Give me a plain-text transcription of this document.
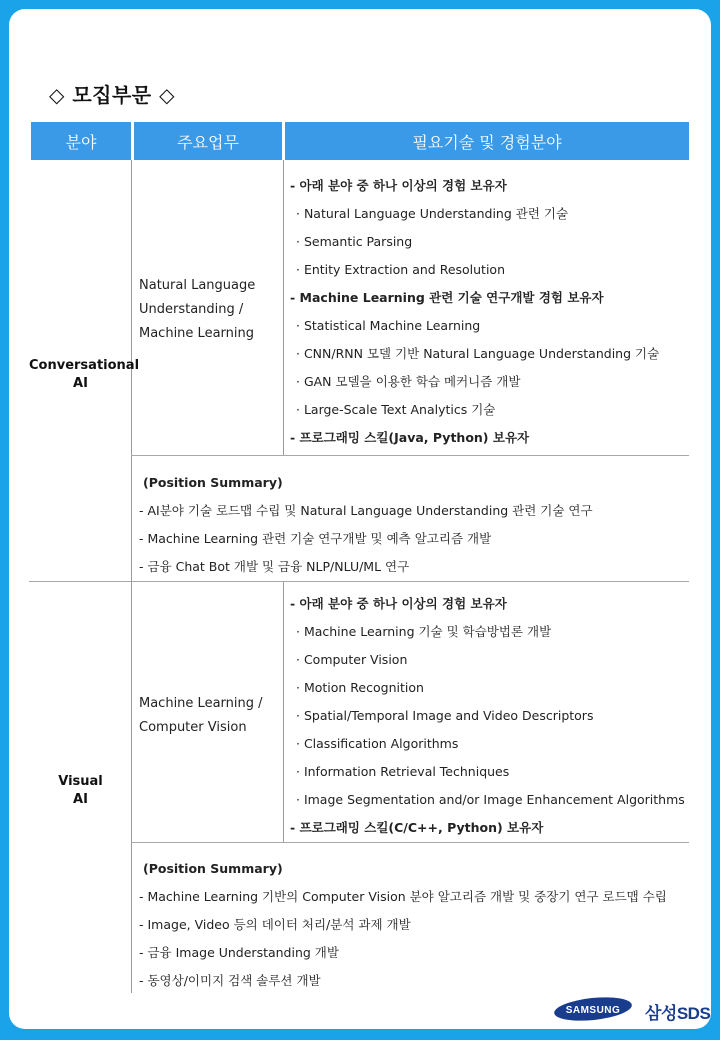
◇ 모집부문 ◇
분야	주요업무	필요기술 및 경험분야
Conversational
AI
Natural Language
Understanding /
Machine Learning
- 아래 분야 중 하나 이상의 경험 보유자
· Natural Language Understanding 관련 기술
· Semantic Parsing
· Entity Extraction and Resolution
- Machine Learning 관련 기술 연구개발 경험 보유자
· Statistical Machine Learning
· CNN/RNN 모델 기반 Natural Language Understanding 기술
· GAN 모델을 이용한 학습 메커니즘 개발
· Large-Scale Text Analytics 기술
- 프로그래밍 스킬(Java, Python) 보유자
(Position Summary)
- AI분야 기술 로드맵 수립 및 Natural Language Understanding 관련 기술 연구
- Machine Learning 관련 기술 연구개발 및 예측 알고리즘 개발
- 금융 Chat Bot 개발 및 금융 NLP/NLU/ML 연구
Visual
AI
Machine Learning /
Computer Vision
- 아래 분야 중 하나 이상의 경험 보유자
· Machine Learning 기술 및 학습방법론 개발
· Computer Vision
· Motion Recognition
· Spatial/Temporal Image and Video Descriptors
· Classification Algorithms
· Information Retrieval Techniques
· Image Segmentation and/or Image Enhancement Algorithms
- 프로그래밍 스킬(C/C++, Python) 보유자
(Position Summary)
- Machine Learning 기반의 Computer Vision 분야 알고리즘 개발 및 중장기 연구 로드맵 수립
- Image, Video 등의 데이터 처리/분석 과제 개발
- 금융 Image Understanding 개발
- 동영상/이미지 검색 솔루션 개발
SAMSUNG 삼성SDS
